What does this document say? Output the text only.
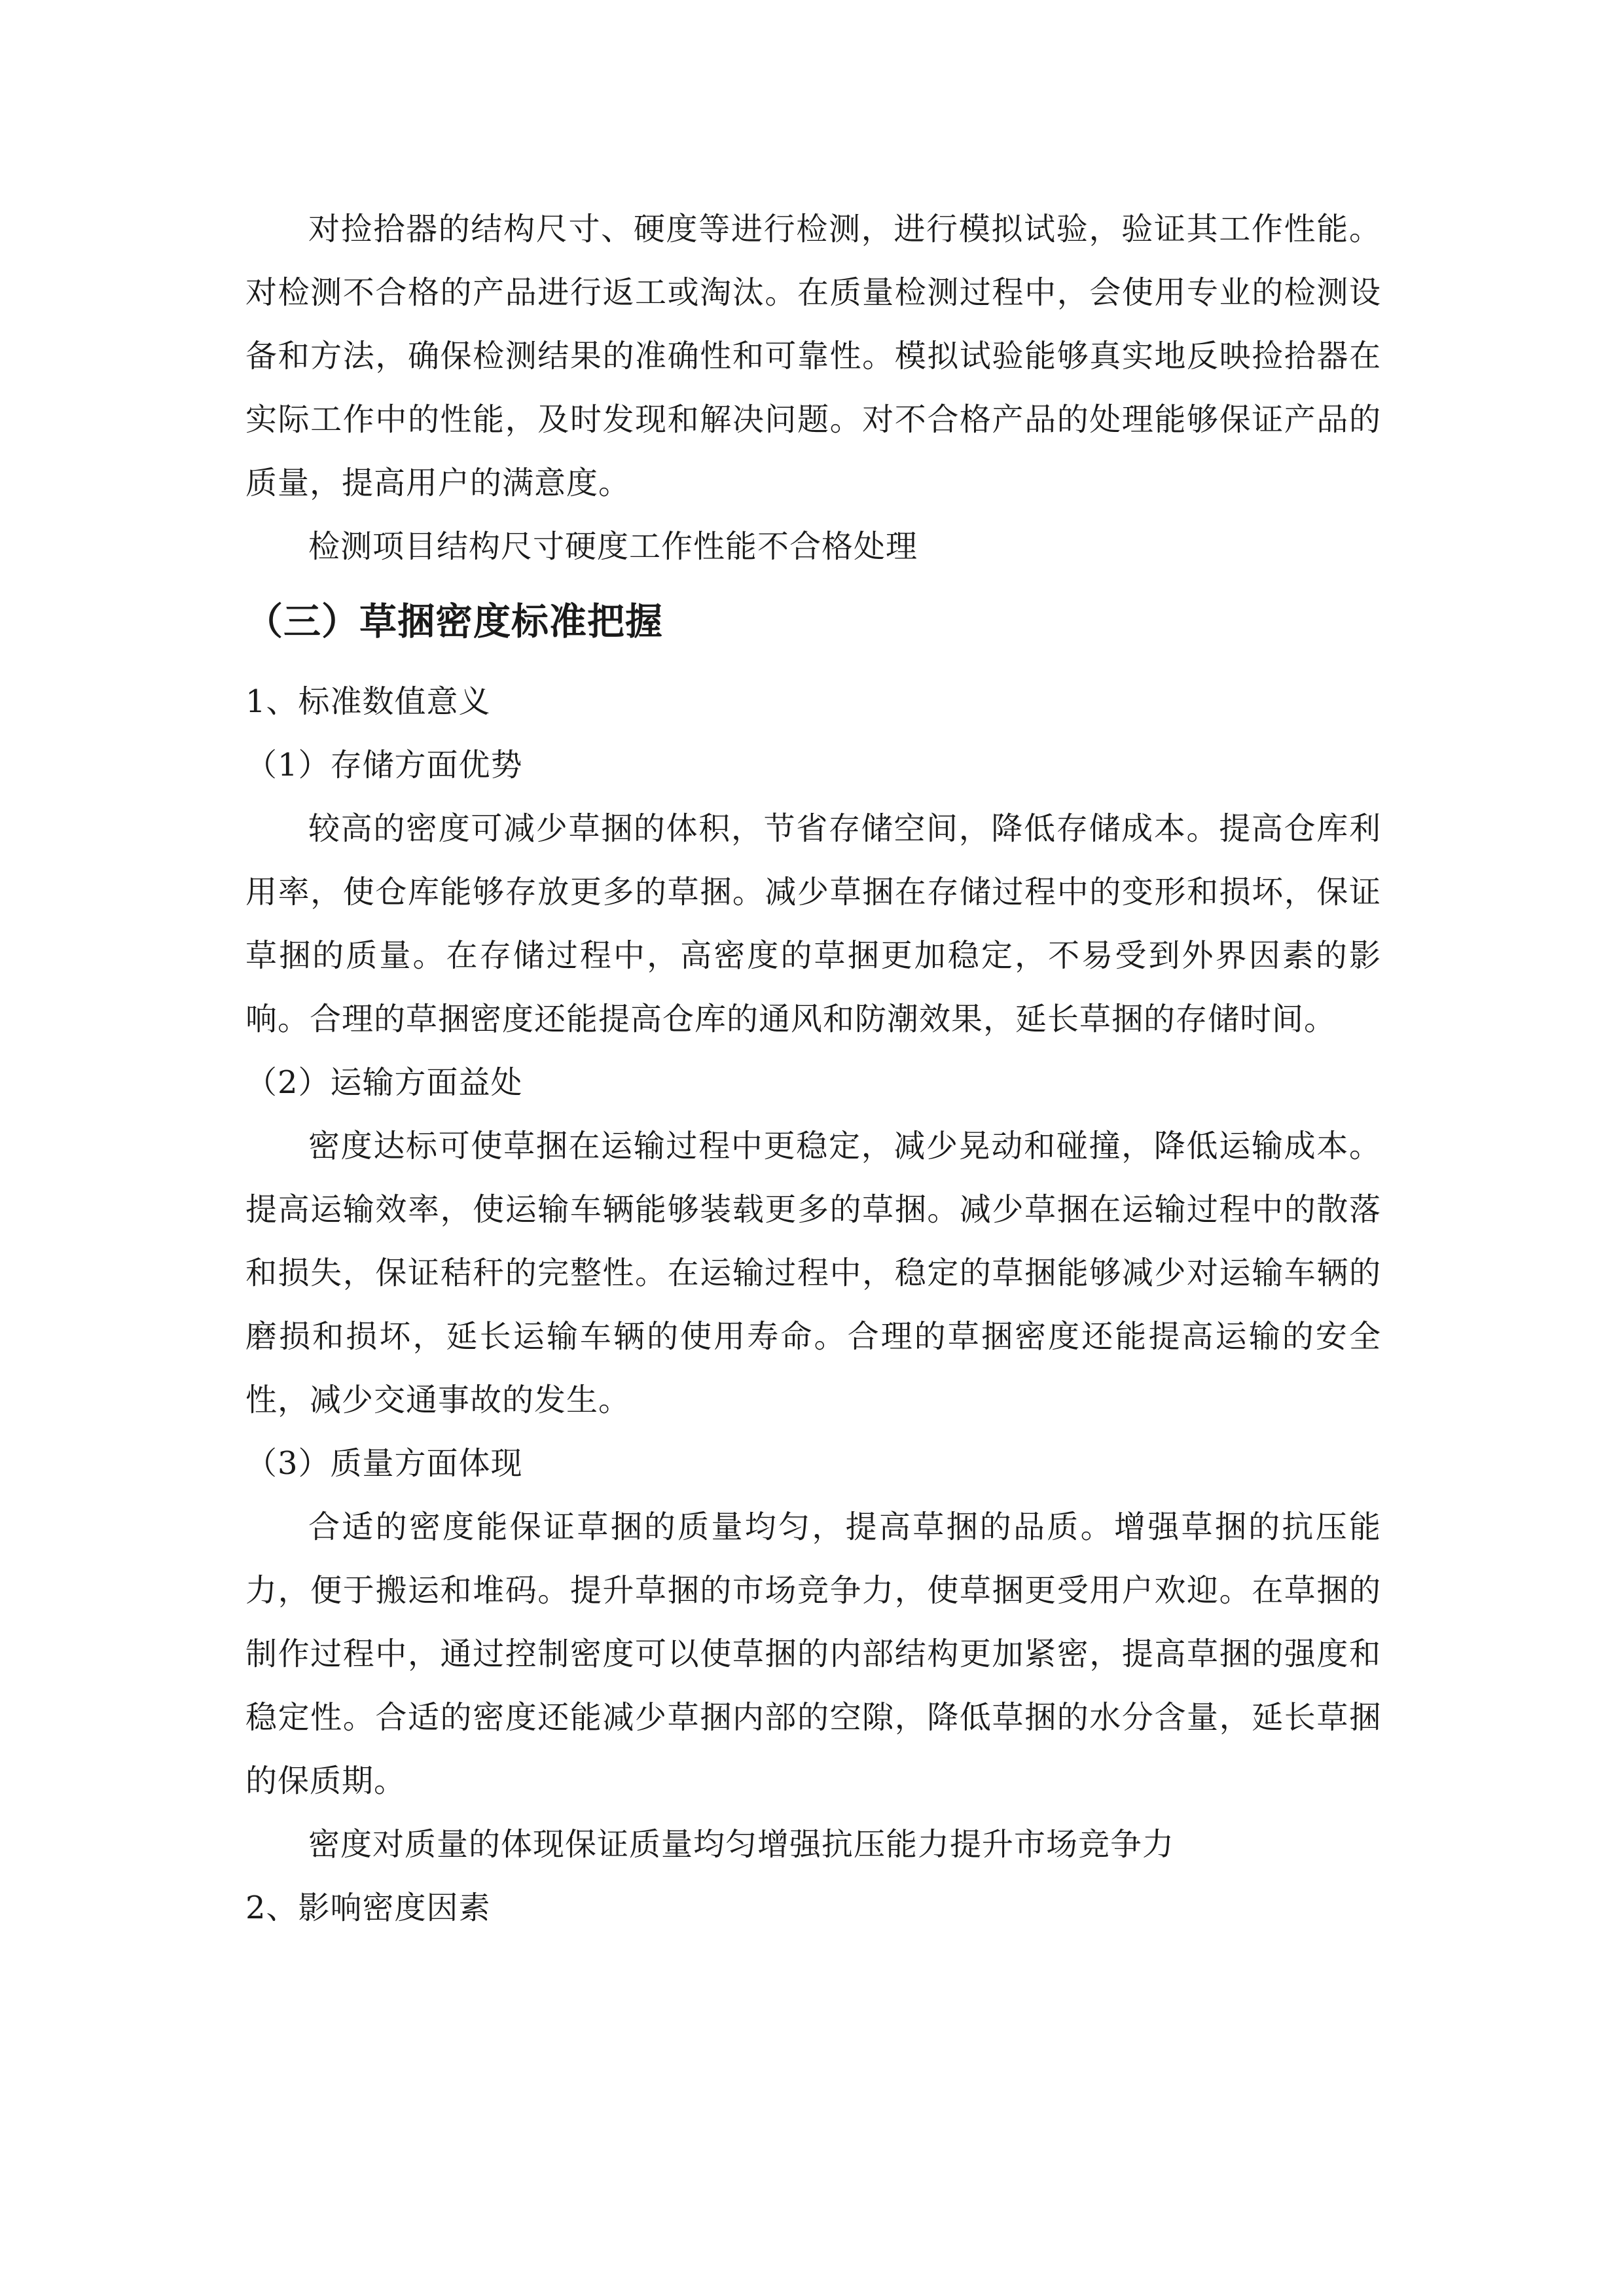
对捡拾器的结构尺寸、硬度等进行检测，进行模拟试验，验证其工作性能。对检测不合格的产品进行返工或淘汰。在质量检测过程中，会使用专业的检测设备和方法，确保检测结果的准确性和可靠性。模拟试验能够真实地反映捡拾器在实际工作中的性能，及时发现和解决问题。对不合格产品的处理能够保证产品的质量，提高用户的满意度。

检测项目结构尺寸硬度工作性能不合格处理

（三）草捆密度标准把握

1、标准数值意义

（1）存储方面优势

较高的密度可减少草捆的体积，节省存储空间，降低存储成本。提高仓库利用率，使仓库能够存放更多的草捆。减少草捆在存储过程中的变形和损坏，保证草捆的质量。在存储过程中，高密度的草捆更加稳定，不易受到外界因素的影响。合理的草捆密度还能提高仓库的通风和防潮效果，延长草捆的存储时间。

（2）运输方面益处

密度达标可使草捆在运输过程中更稳定，减少晃动和碰撞，降低运输成本。提高运输效率，使运输车辆能够装载更多的草捆。减少草捆在运输过程中的散落和损失，保证秸秆的完整性。在运输过程中，稳定的草捆能够减少对运输车辆的磨损和损坏，延长运输车辆的使用寿命。合理的草捆密度还能提高运输的安全性，减少交通事故的发生。

（3）质量方面体现

合适的密度能保证草捆的质量均匀，提高草捆的品质。增强草捆的抗压能力，便于搬运和堆码。提升草捆的市场竞争力，使草捆更受用户欢迎。在草捆的制作过程中，通过控制密度可以使草捆的内部结构更加紧密，提高草捆的强度和稳定性。合适的密度还能减少草捆内部的空隙，降低草捆的水分含量，延长草捆的保质期。

密度对质量的体现保证质量均匀增强抗压能力提升市场竞争力

2、影响密度因素
